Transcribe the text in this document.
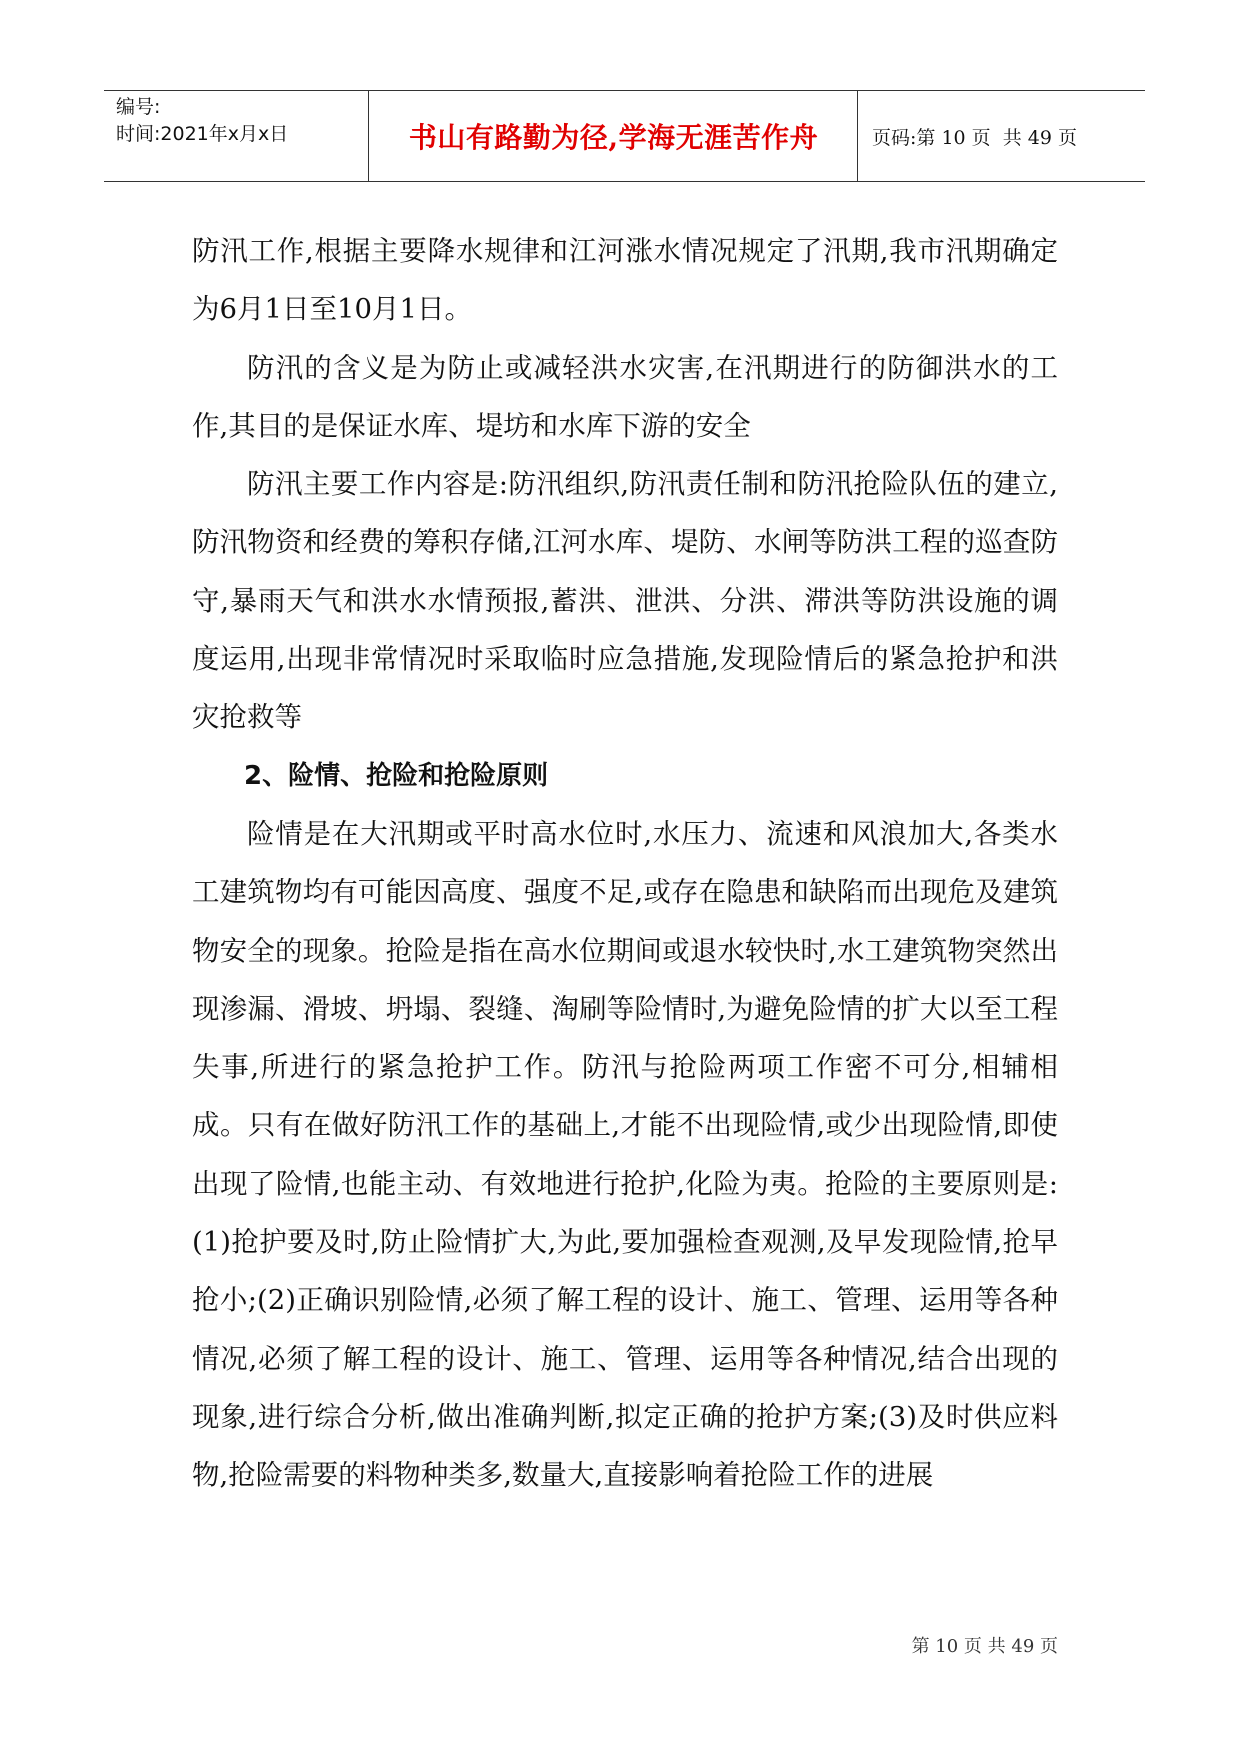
编号:
时间:2021年x月x日	书山有路勤为径,学海无涯苦作舟	页码:第 10 页  共 49 页

防汛工作,根据主要降水规律和江河涨水情况规定了汛期,我市汛期确定为6月1日至10月1日。

防汛的含义是为防止或减轻洪水灾害,在汛期进行的防御洪水的工作,其目的是保证水库、堤坊和水库下游的安全

防汛主要工作内容是:防汛组织,防汛责任制和防汛抢险队伍的建立,防汛物资和经费的筹积存储,江河水库、堤防、水闸等防洪工程的巡查防守,暴雨天气和洪水水情预报,蓄洪、泄洪、分洪、滞洪等防洪设施的调度运用,出现非常情况时采取临时应急措施,发现险情后的紧急抢护和洪灾抢救等

2、险情、抢险和抢险原则

险情是在大汛期或平时高水位时,水压力、流速和风浪加大,各类水工建筑物均有可能因高度、强度不足,或存在隐患和缺陷而出现危及建筑物安全的现象。抢险是指在高水位期间或退水较快时,水工建筑物突然出现渗漏、滑坡、坍塌、裂缝、淘刷等险情时,为避免险情的扩大以至工程失事,所进行的紧急抢护工作。防汛与抢险两项工作密不可分,相辅相成。只有在做好防汛工作的基础上,才能不出现险情,或少出现险情,即使出现了险情,也能主动、有效地进行抢护,化险为夷。抢险的主要原则是:(1)抢护要及时,防止险情扩大,为此,要加强检查观测,及早发现险情,抢早抢小;(2)正确识别险情,必须了解工程的设计、施工、管理、运用等各种情况,必须了解工程的设计、施工、管理、运用等各种情况,结合出现的现象,进行综合分析,做出准确判断,拟定正确的抢护方案;(3)及时供应料物,抢险需要的料物种类多,数量大,直接影响着抢险工作的进展

第 10 页 共 49 页
